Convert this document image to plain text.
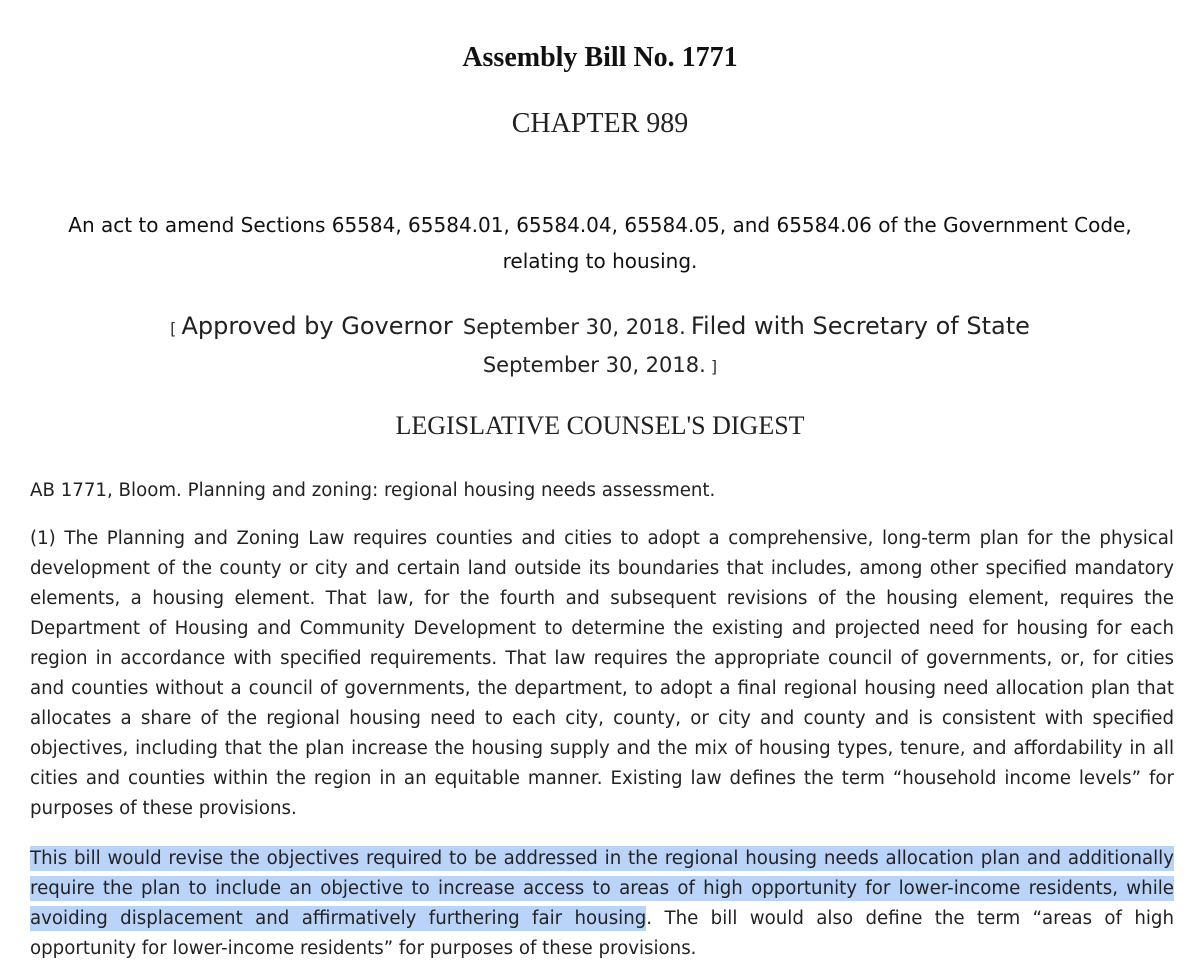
Assembly Bill No. 1771
CHAPTER 989
An act to amend Sections 65584, 65584.01, 65584.04, 65584.05, and 65584.06 of the Government Code, relating to housing.
[ Approved by Governor September 30, 2018. Filed with Secretary of State
September 30, 2018. ]
LEGISLATIVE COUNSEL'S DIGEST
AB 1771, Bloom. Planning and zoning: regional housing needs assessment.
(1) The Planning and Zoning Law requires counties and cities to adopt a comprehensive, long-term plan for the physical development of the county or city and certain land outside its boundaries that includes, among other specified mandatory elements, a housing element. That law, for the fourth and subsequent revisions of the housing element, requires the Department of Housing and Community Development to determine the existing and projected need for housing for each region in accordance with specified requirements. That law requires the appropriate council of governments, or, for cities and counties without a council of governments, the department, to adopt a final regional housing need allocation plan that allocates a share of the regional housing need to each city, county, or city and county and is consistent with specified objectives, including that the plan increase the housing supply and the mix of housing types, tenure, and affordability in all cities and counties within the region in an equitable manner. Existing law defines the term “household income levels” for purposes of these provisions.
This bill would revise the objectives required to be addressed in the regional housing needs allocation plan and additionally require the plan to include an objective to increase access to areas of high opportunity for lower-income residents, while avoiding displacement and affirmatively furthering fair housing. The bill would also define the term “areas of high opportunity for lower-income residents” for purposes of these provisions.
